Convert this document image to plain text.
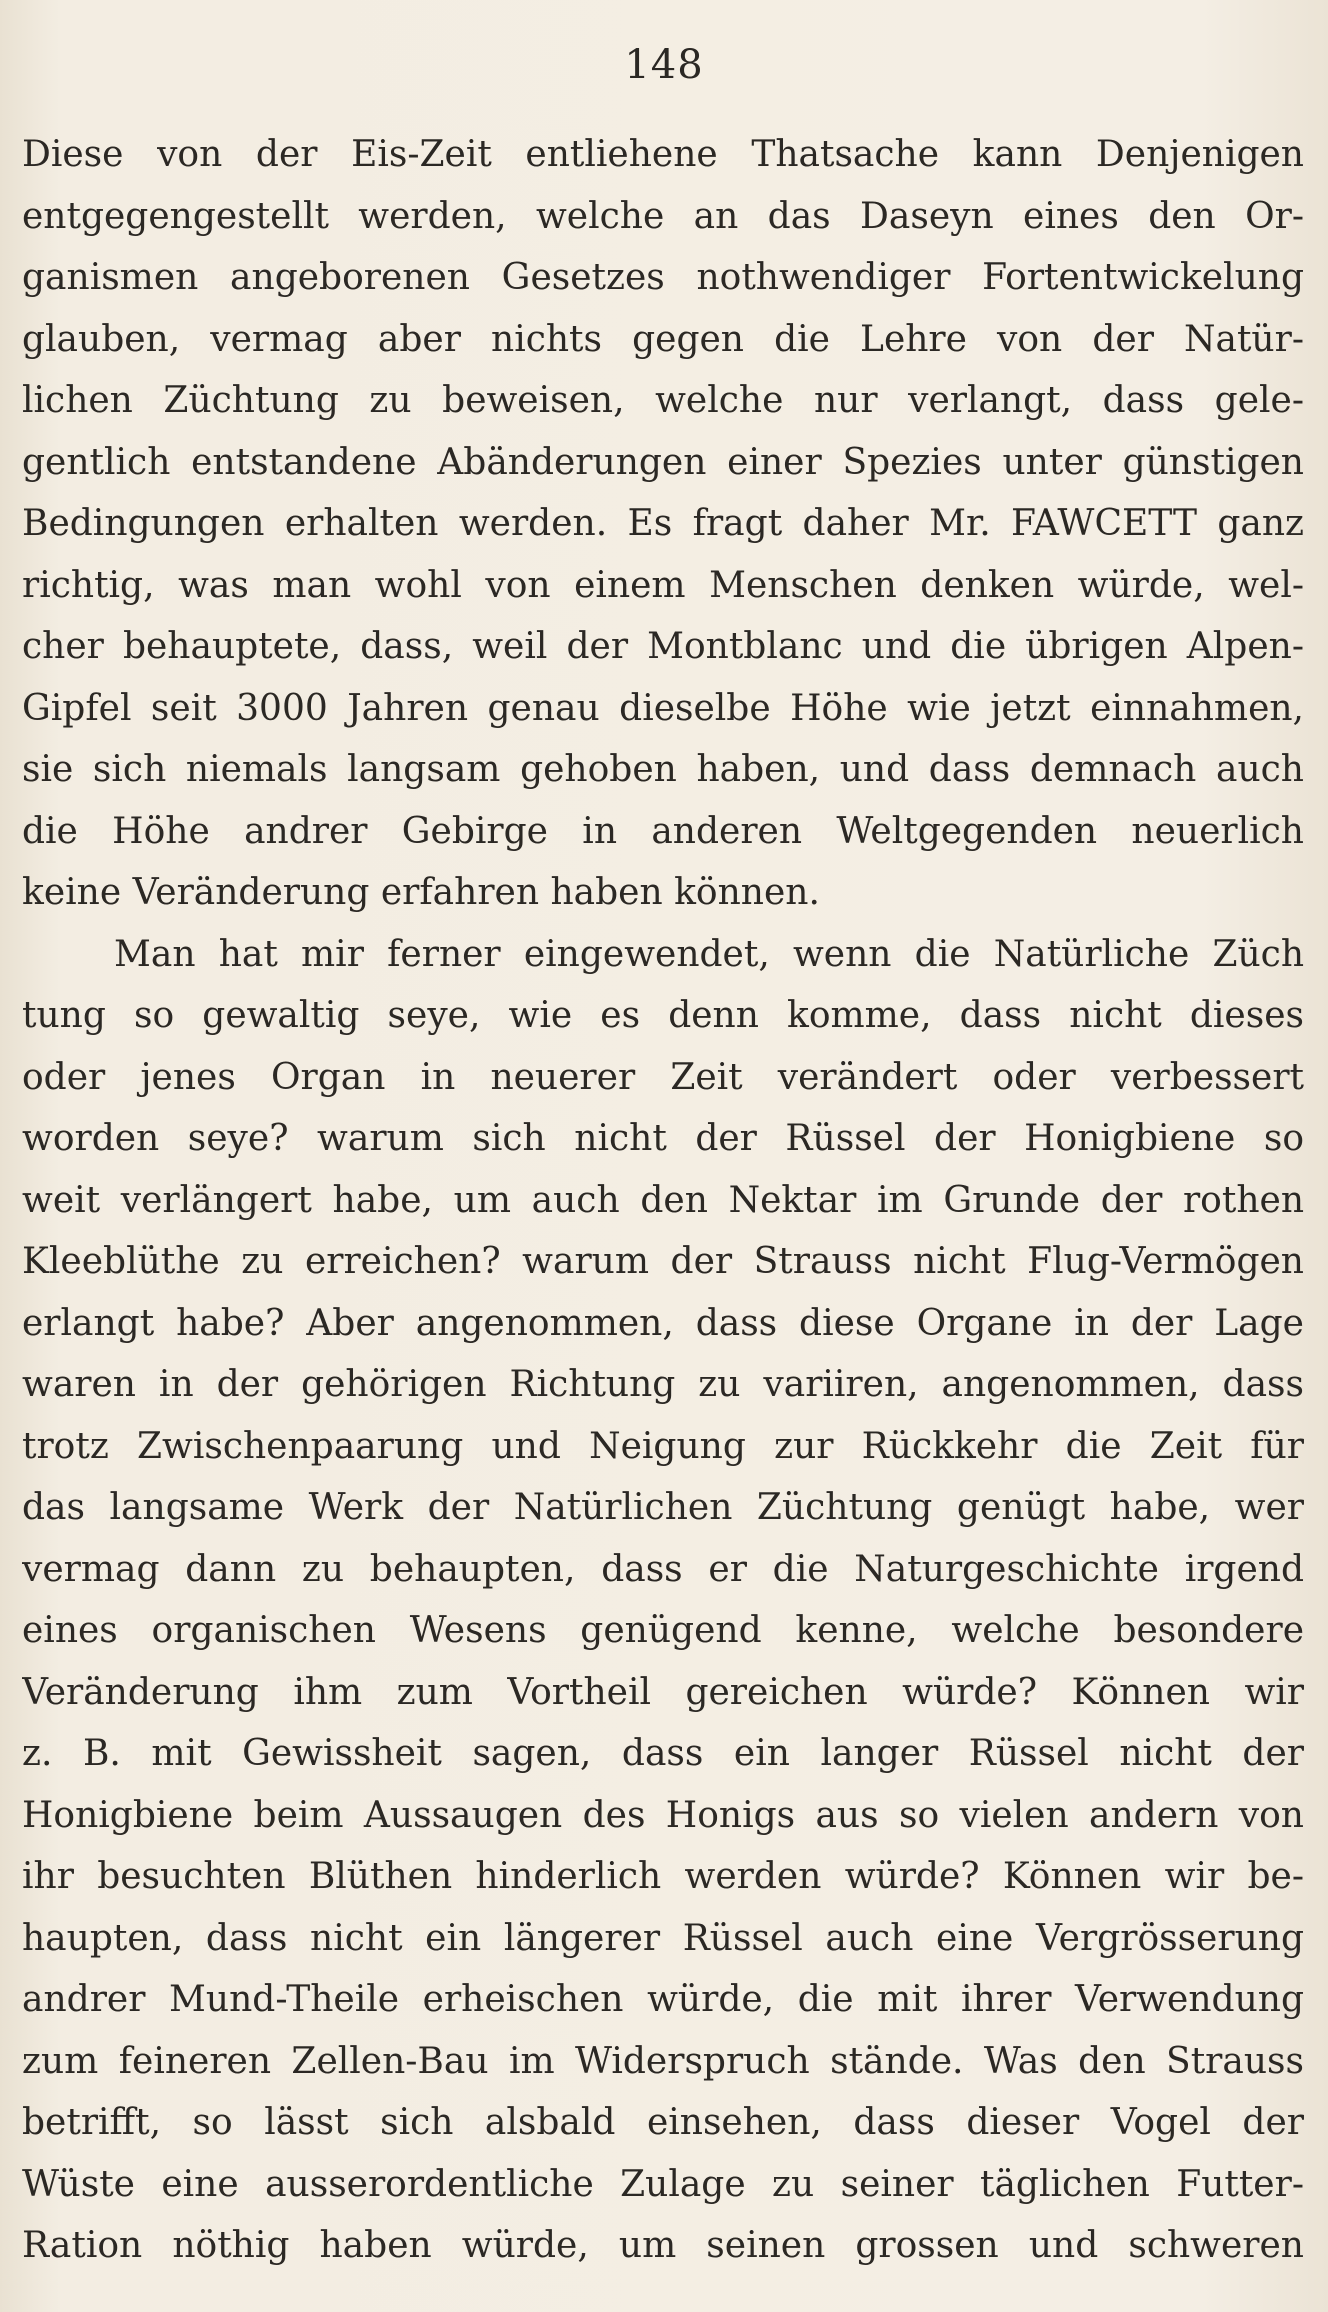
148
Diese von der Eis-Zeit entliehene Thatsache kann Denjenigen
entgegengestellt werden, welche an das Daseyn eines den Or-
ganismen angeborenen Gesetzes nothwendiger Fortentwickelung
glauben, vermag aber nichts gegen die Lehre von der Natür-
lichen Züchtung zu beweisen, welche nur verlangt, dass gele-
gentlich entstandene Abänderungen einer Spezies unter günstigen
Bedingungen erhalten werden. Es fragt daher Mr. FAWCETT ganz
richtig, was man wohl von einem Menschen denken würde, wel-
cher behauptete, dass, weil der Montblanc und die übrigen Alpen-
Gipfel seit 3000 Jahren genau dieselbe Höhe wie jetzt einnahmen,
sie sich niemals langsam gehoben haben, und dass demnach auch
die Höhe andrer Gebirge in anderen Weltgegenden neuerlich
keine Veränderung erfahren haben können.
Man hat mir ferner eingewendet, wenn die Natürliche Züch
tung so gewaltig seye, wie es denn komme, dass nicht dieses
oder jenes Organ in neuerer Zeit verändert oder verbessert
worden seye? warum sich nicht der Rüssel der Honigbiene so
weit verlängert habe, um auch den Nektar im Grunde der rothen
Kleeblüthe zu erreichen? warum der Strauss nicht Flug-Vermögen
erlangt habe? Aber angenommen, dass diese Organe in der Lage
waren in der gehörigen Richtung zu variiren, angenommen, dass
trotz Zwischenpaarung und Neigung zur Rückkehr die Zeit für
das langsame Werk der Natürlichen Züchtung genügt habe, wer
vermag dann zu behaupten, dass er die Naturgeschichte irgend
eines organischen Wesens genügend kenne, welche besondere
Veränderung ihm zum Vortheil gereichen würde? Können wir
z. B. mit Gewissheit sagen, dass ein langer Rüssel nicht der
Honigbiene beim Aussaugen des Honigs aus so vielen andern von
ihr besuchten Blüthen hinderlich werden würde? Können wir be-
haupten, dass nicht ein längerer Rüssel auch eine Vergrösserung
andrer Mund-Theile erheischen würde, die mit ihrer Verwendung
zum feineren Zellen-Bau im Widerspruch stände. Was den Strauss
betrifft, so lässt sich alsbald einsehen, dass dieser Vogel der
Wüste eine ausserordentliche Zulage zu seiner täglichen Futter-
Ration nöthig haben würde, um seinen grossen und schweren
